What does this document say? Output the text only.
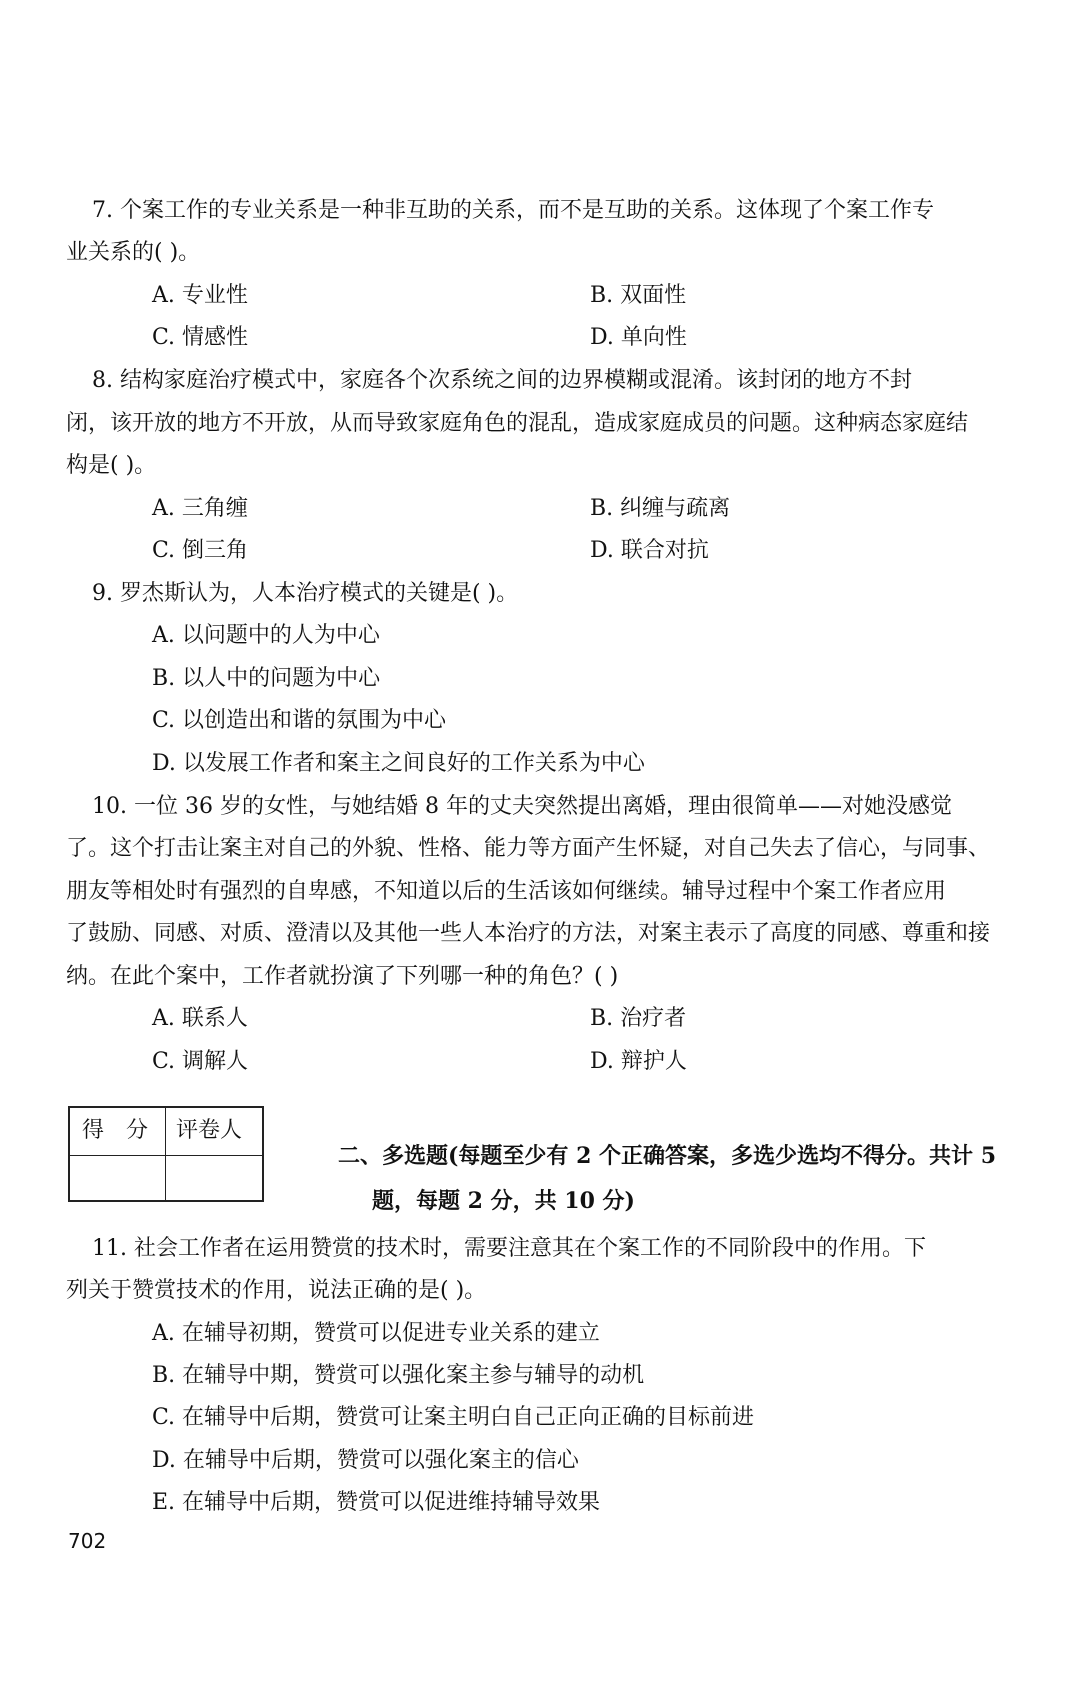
7. 个案工作的专业关系是一种非互助的关系，而不是互助的关系。这体现了个案工作专
业关系的( )。
A. 专业性	B. 双面性
C. 情感性	D. 单向性
8. 结构家庭治疗模式中，家庭各个次系统之间的边界模糊或混淆。该封闭的地方不封
闭，该开放的地方不开放，从而导致家庭角色的混乱，造成家庭成员的问题。这种病态家庭结
构是( )。
A. 三角缠	B. 纠缠与疏离
C. 倒三角	D. 联合对抗
9. 罗杰斯认为，人本治疗模式的关键是( )。
A. 以问题中的人为中心
B. 以人中的问题为中心
C. 以创造出和谐的氛围为中心
D. 以发展工作者和案主之间良好的工作关系为中心
10. 一位 36 岁的女性，与她结婚 8 年的丈夫突然提出离婚，理由很简单——对她没感觉
了。这个打击让案主对自己的外貌、性格、能力等方面产生怀疑，对自己失去了信心，与同事、
朋友等相处时有强烈的自卑感，不知道以后的生活该如何继续。辅导过程中个案工作者应用
了鼓励、同感、对质、澄清以及其他一些人本治疗的方法，对案主表示了高度的同感、尊重和接
纳。在此个案中，工作者就扮演了下列哪一种的角色？( )
A. 联系人	B. 治疗者
C. 调解人	D. 辩护人
得　分 评卷人
二、多选题(每题至少有 2 个正确答案，多选少选均不得分。共计 5
题，每题 2 分，共 10 分)
11. 社会工作者在运用赞赏的技术时，需要注意其在个案工作的不同阶段中的作用。下
列关于赞赏技术的作用，说法正确的是( )。
A. 在辅导初期，赞赏可以促进专业关系的建立
B. 在辅导中期，赞赏可以强化案主参与辅导的动机
C. 在辅导中后期，赞赏可让案主明白自己正向正确的目标前进
D. 在辅导中后期，赞赏可以强化案主的信心
E. 在辅导中后期，赞赏可以促进维持辅导效果
702
